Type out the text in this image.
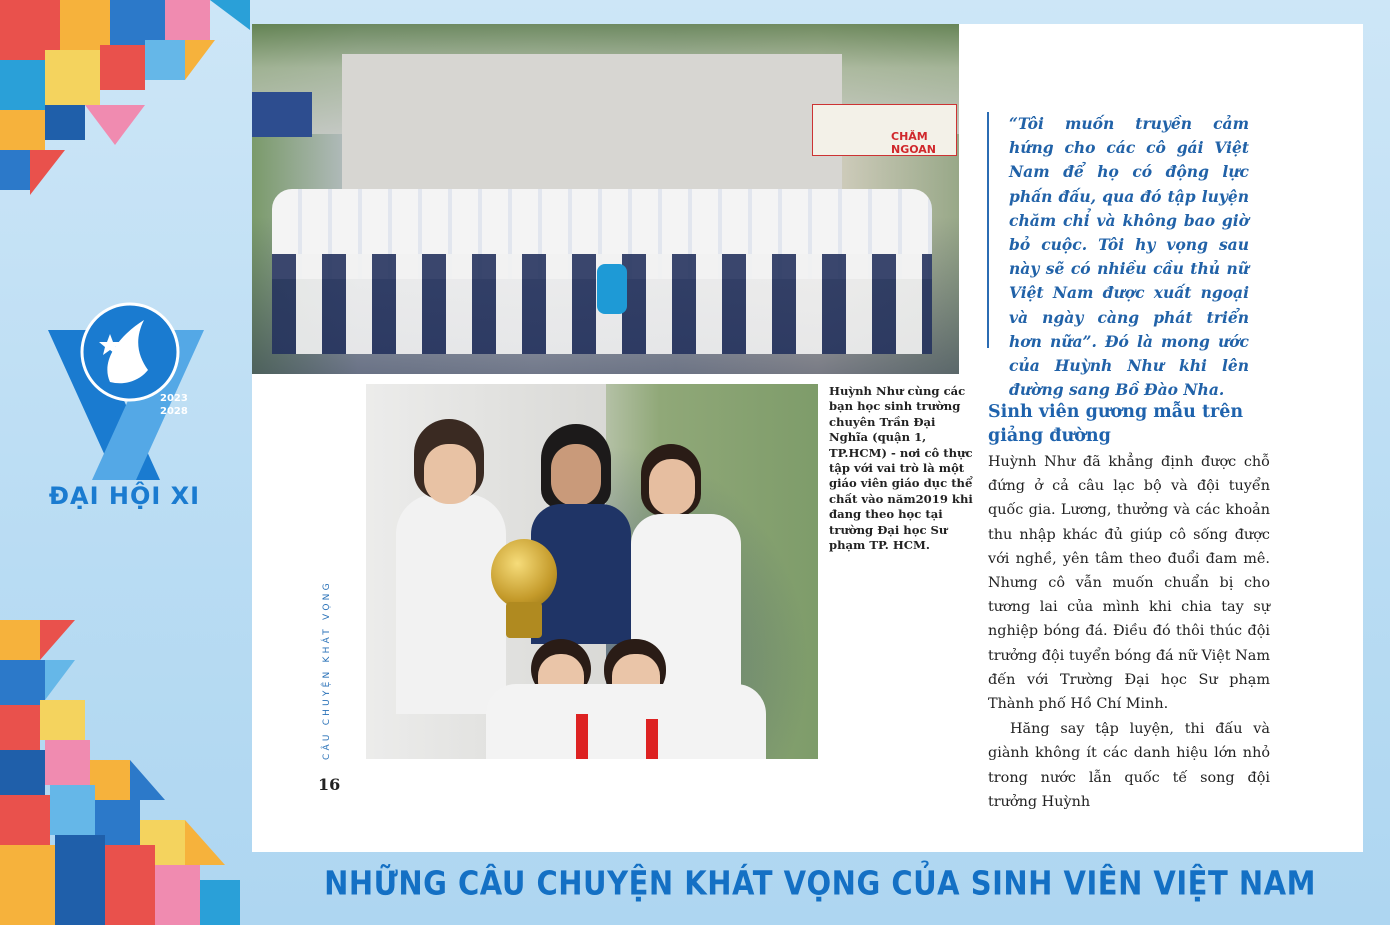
2023
2028
ĐẠI HỘI XI
CHĂM NGOAN
“Tôi muốn truyền cảm hứng cho các cô gái Việt Nam để họ có động lực phấn đấu, qua đó tập luyện chăm chỉ và không bao giờ bỏ cuộc. Tôi hy vọng sau này sẽ có nhiều cầu thủ nữ Việt Nam được xuất ngoại và ngày càng phát triển hơn nữa”. Đó là mong ước của Huỳnh Như khi lên đường sang Bồ Đào Nha.
Huỳnh Như cùng các bạn học sinh trường chuyên Trần Đại Nghĩa (quận 1, TP.HCM) - nơi cô thực tập với vai trò là một giáo viên giáo dục thể chất vào năm2019 khi đang theo học tại trường Đại học Sư phạm TP. HCM.
Sinh viên gương mẫu trên giảng đường

Huỳnh Như đã khẳng định được chỗ đứng ở cả câu lạc bộ và đội tuyển quốc gia. Lương, thưởng và các khoản thu nhập khác đủ giúp cô sống được với nghề, yên tâm theo đuổi đam mê. Nhưng cô vẫn muốn chuẩn bị cho tương lai của mình khi chia tay sự nghiệp bóng đá. Điều đó thôi thúc đội trưởng đội tuyển bóng đá nữ Việt Nam đến với Trường Đại học Sư phạm Thành phố Hồ Chí Minh.

Hăng say tập luyện, thi đấu và giành không ít các danh hiệu lớn nhỏ trong nước lẫn quốc tế song đội trưởng Huỳnh

CÂU CHUYỆN KHÁT VỌNG
16
NHỮNG CÂU CHUYỆN KHÁT VỌNG CỦA SINH VIÊN VIỆT NAM
